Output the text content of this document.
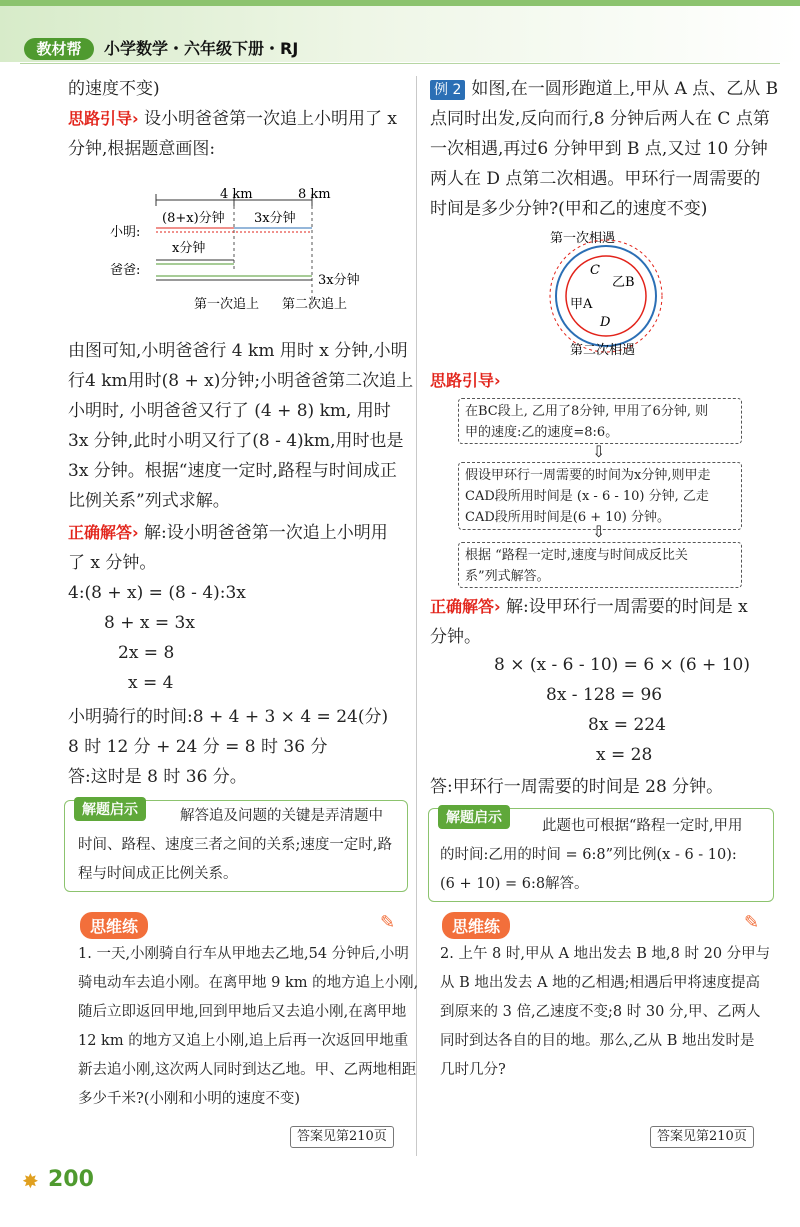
教材帮	小学数学・六年级下册・RJ
的速度不变)
思路引导› 设小明爸爸第一次追上小明用了 x
分钟,根据题意画图:
4 km	8 km
(8+x)分钟 3x分钟
小明:
x分钟
爸爸:
3x分钟
第一次追上 第二次追上
由图可知,小明爸爸行 4 km 用时 x 分钟,小明
行4 km用时(8 + x)分钟;小明爸爸第二次追上
小明时, 小明爸爸又行了 (4 + 8) km, 用时
3x 分钟,此时小明又行了(8 - 4)km,用时也是
3x 分钟。根据“速度一定时,路程与时间成正
比例关系”列式求解。
正确解答› 解:设小明爸爸第一次追上小明用
了 x 分钟。
4:(8 + x) = (8 - 4):3x
8 + x = 3x
2x = 8
x = 4
小明骑行的时间:8 + 4 + 3 × 4 = 24(分)
8 时 12 分 + 24 分 = 8 时 36 分
答:这时是 8 时 36 分。
解题启示	解答追及问题的关键是弄清题中
时间、路程、速度三者之间的关系;速度一定时,路
程与时间成正比例关系。
思维练	✎
1. 一天,小刚骑自行车从甲地去乙地,54 分钟后,小明
骑电动车去追小刚。在离甲地 9 km 的地方追上小刚,
随后立即返回甲地,回到甲地后又去追小刚,在离甲地
12 km 的地方又追上小刚,追上后再一次返回甲地重
新去追小刚,这次两人同时到达乙地。甲、乙两地相距
多少千米?(小刚和小明的速度不变)
答案见第210页
例 2 如图,在一圆形跑道上,甲从 A 点、乙从 B
点同时出发,反向而行,8 分钟后两人在 C 点第
一次相遇,再过6 分钟甲到 B 点,又过 10 分钟
两人在 D 点第二次相遇。甲环行一周需要的
时间是多少分钟?(甲和乙的速度不变)
第一次相遇
C
乙B
甲A
D
第二次相遇
思路引导›
在BC段上, 乙用了8分钟, 甲用了6分钟, 则
甲的速度:乙的速度=8:6。
⇩
假设甲环行一周需要的时间为x分钟,则甲走
CAD段所用时间是 (x - 6 - 10) 分钟, 乙走
CAD段所用时间是(6 + 10) 分钟。
⇩
根据 “路程一定时,速度与时间成反比关
系”列式解答。
正确解答› 解:设甲环行一周需要的时间是 x
分钟。
8 × (x - 6 - 10) = 6 × (6 + 10)
8x - 128 = 96
8x = 224
x = 28
答:甲环行一周需要的时间是 28 分钟。
解题启示	此题也可根据“路程一定时,甲用
的时间:乙用的时间 = 6:8”列比例(x - 6 - 10):
(6 + 10) = 6:8解答。
思维练	✎
2. 上午 8 时,甲从 A 地出发去 B 地,8 时 20 分甲与
从 B 地出发去 A 地的乙相遇;相遇后甲将速度提高
到原来的 3 倍,乙速度不变;8 时 30 分,甲、乙两人
同时到达各自的目的地。那么,乙从 B 地出发时是
几时几分?
答案见第210页
✸ 200
